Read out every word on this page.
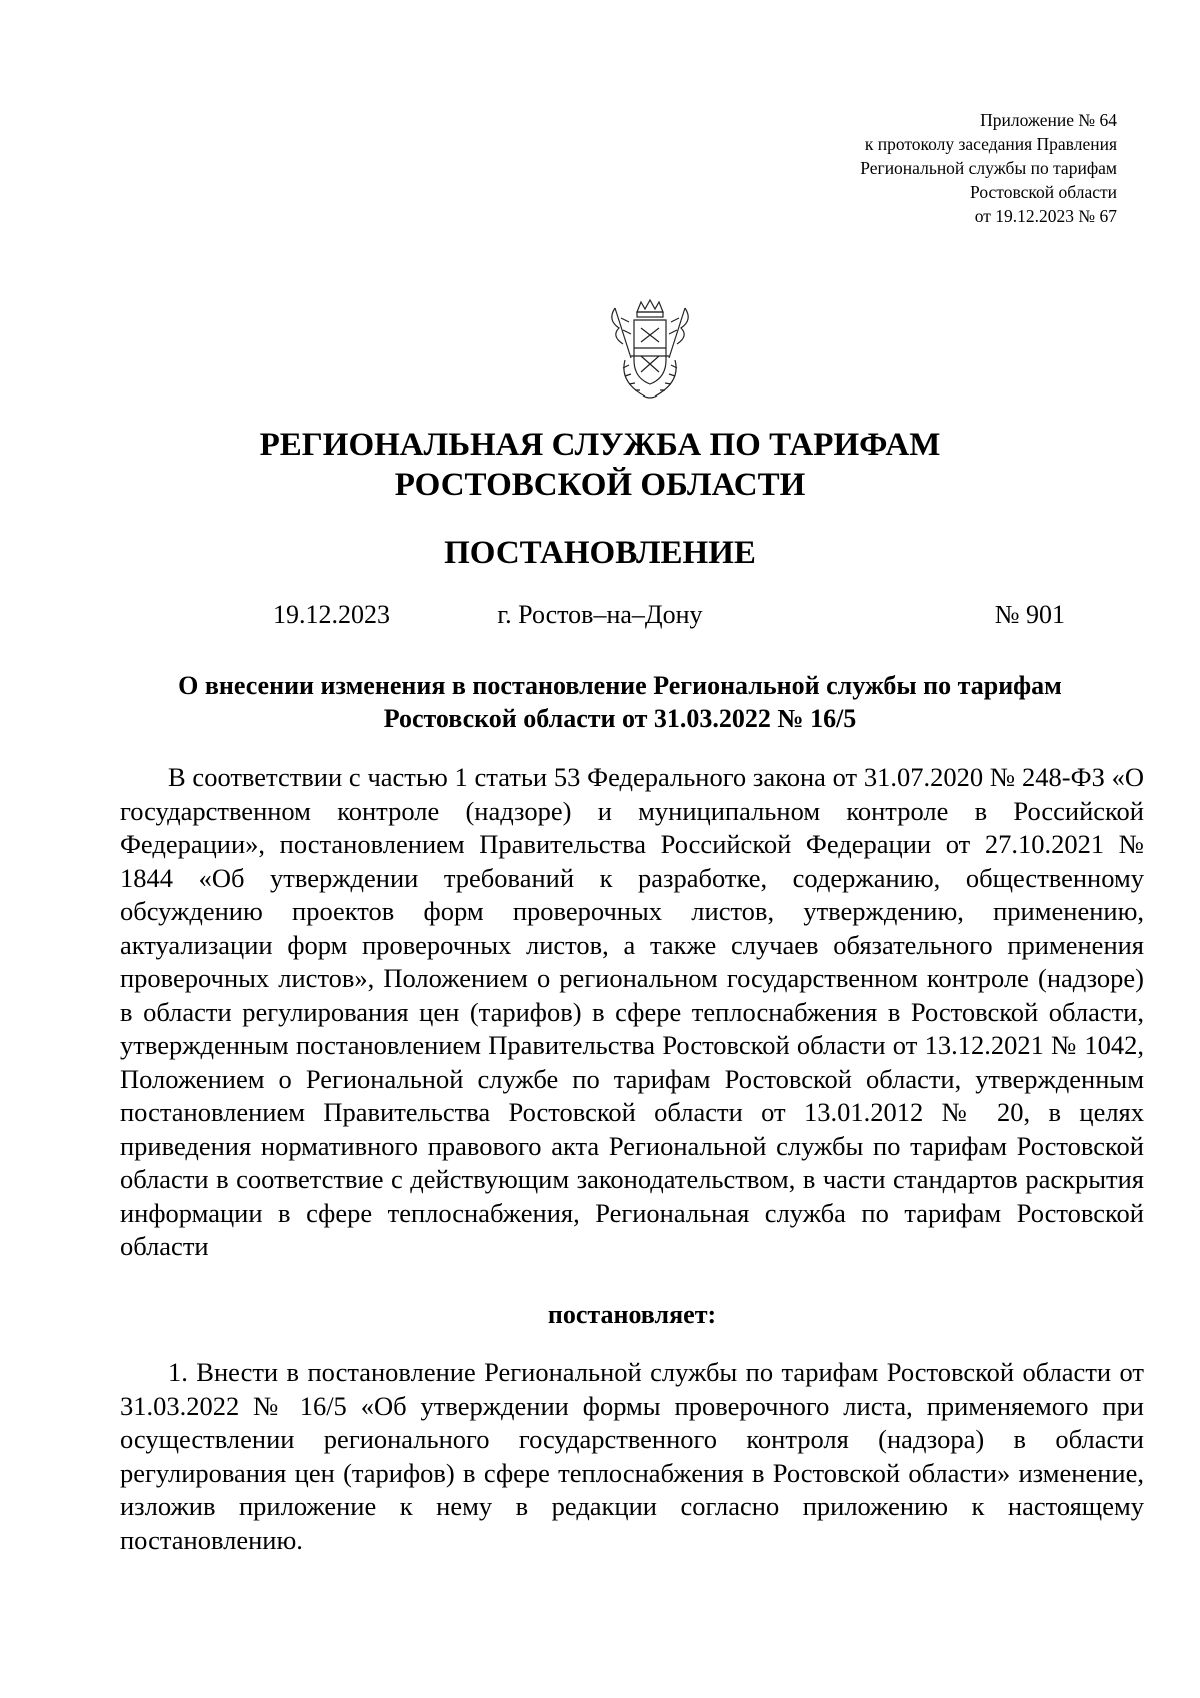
Приложение № 64
к протоколу заседания Правления
Региональной службы по тарифам
Ростовской области
от 19.12.2023 № 67
РЕГИОНАЛЬНАЯ СЛУЖБА ПО ТАРИФАМ
РОСТОВСКОЙ ОБЛАСТИ
ПОСТАНОВЛЕНИЕ
г. Ростов–на–Дону
19.12.2023	№ 901
О внесении изменения в постановление Региональной службы по тарифам
Ростовской области от 31.03.2022 № 16/5

В соответствии с частью 1 статьи 53 Федерального закона от 31.07.2020 № 248-ФЗ «О государственном контроле (надзоре) и муниципальном контроле в Российской Федерации», постановлением Правительства Российской Федерации от 27.10.2021 № 1844 «Об утверждении требований к разработке, содержанию, общественному обсуждению проектов форм проверочных листов, утверждению, применению, актуализации форм проверочных листов, а также случаев обязательного применения проверочных листов», Положением о региональном государственном контроле (надзоре) в области регулирования цен (тарифов) в сфере теплоснабжения в Ростовской области, утвержденным постановлением Правительства Ростовской области от 13.12.2021 № 1042, Положением о Региональной службе по тарифам Ростовской области, утвержденным постановлением Правительства Ростовской области от 13.01.2012 № 20, в целях приведения нормативного правового акта Региональной службы по тарифам Ростовской области в соответствие с действующим законодательством, в части стандартов раскрытия информации в сфере теплоснабжения, Региональная служба по тарифам Ростовской области

постановляет:

1. Внести в постановление Региональной службы по тарифам Ростовской области от 31.03.2022 № 16/5 «Об утверждении формы проверочного листа, применяемого при осуществлении регионального государственного контроля (надзора) в области регулирования цен (тарифов) в сфере теплоснабжения в Ростовской области» изменение, изложив приложение к нему в редакции согласно приложению к настоящему постановлению.
